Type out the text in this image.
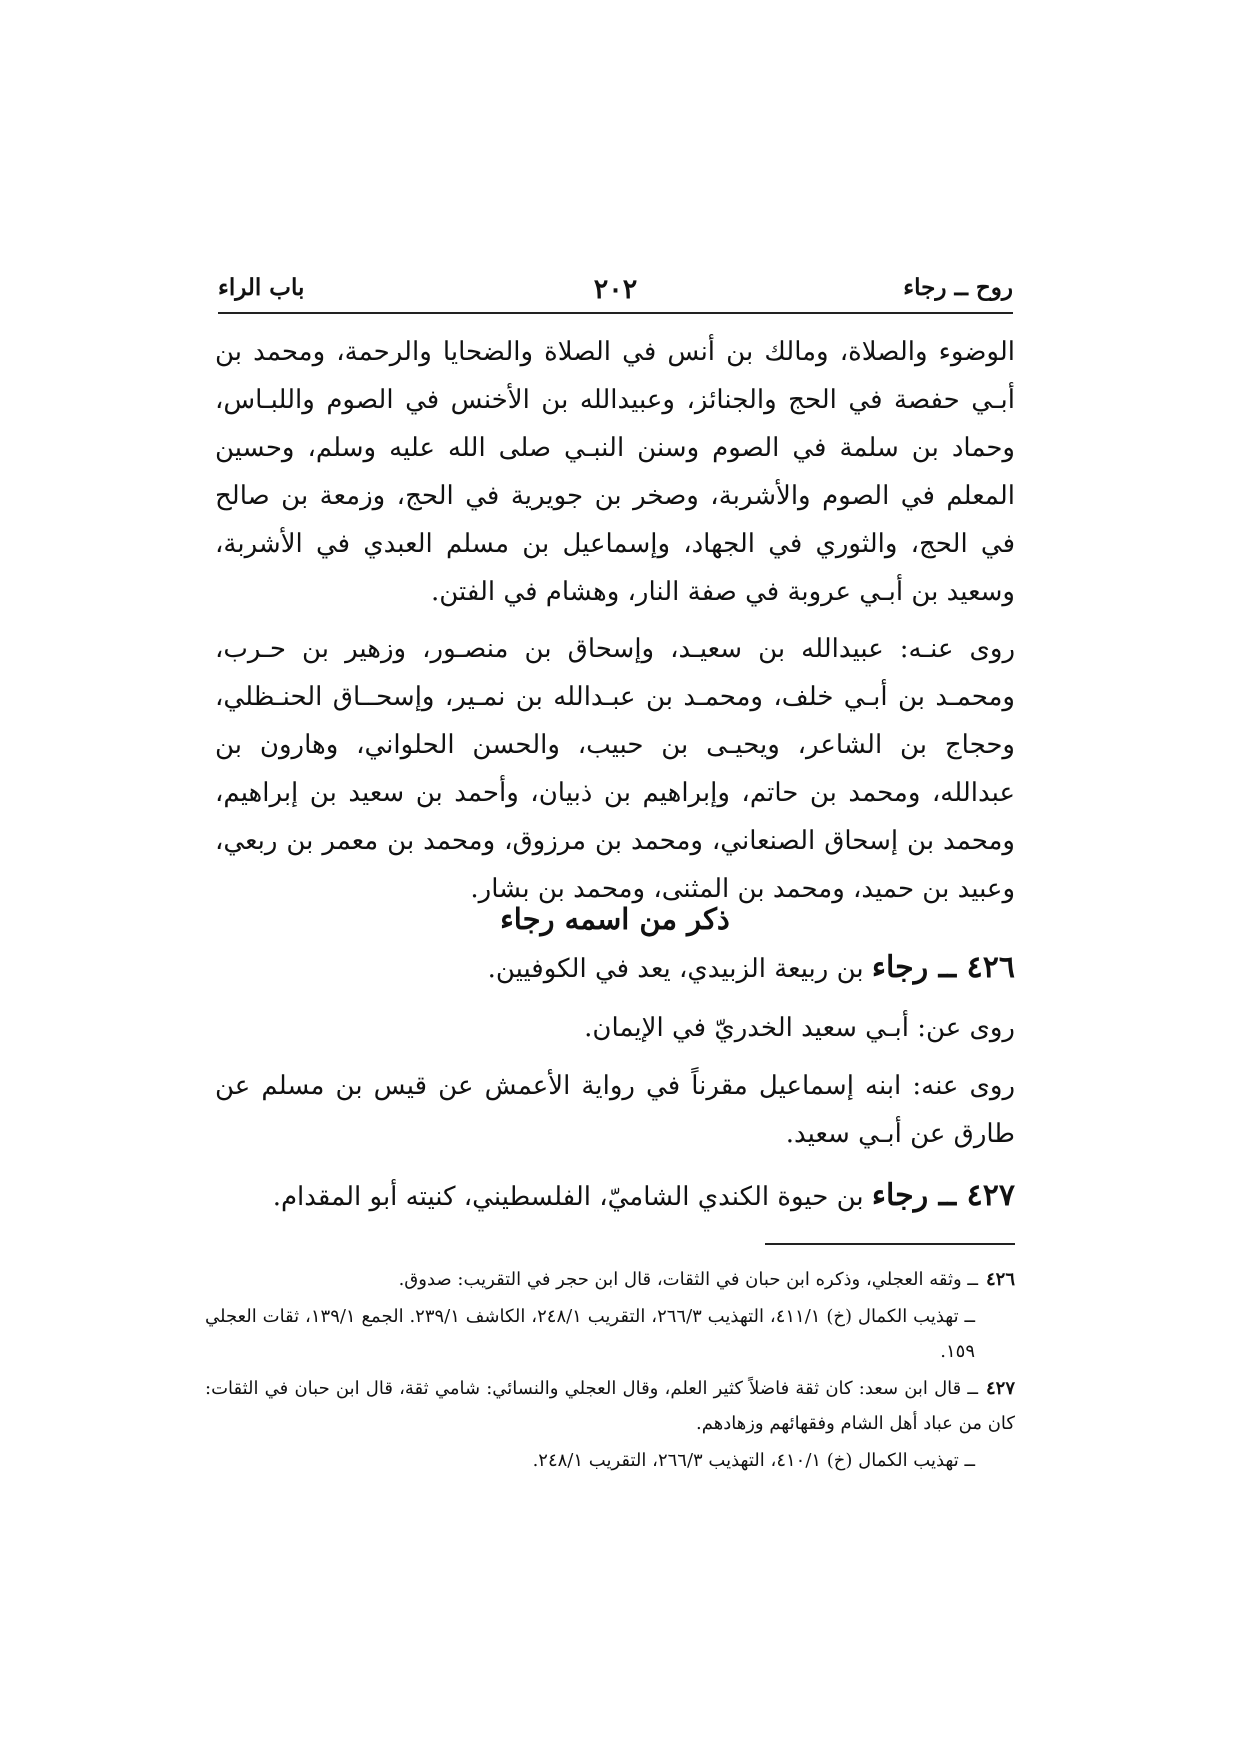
روح ــ رجاء
٢٠٢
باب الراء

الوضوء والصلاة، ومالك بن أنس في الصلاة والضحايا والرحمة، ومحمد بن أبـي حفصة في الحج والجنائز، وعبيدالله بن الأخنس في الصوم واللبـاس، وحماد بن سلمة في الصوم وسنن النبـي صلى الله عليه وسلم، وحسين المعلم في الصوم والأشربة، وصخر بن جويرية في الحج، وزمعة بن صالح في الحج، والثوري في الجهاد، وإسماعيل بن مسلم العبدي في الأشربة، وسعيد بن أبـي عروبة في صفة النار، وهشام في الفتن.

روى عنـه: عبيدالله بن سعيـد، وإسحاق بن منصـور، وزهير بن حـرب، ومحمـد بن أبـي خلف، ومحمـد بن عبـدالله بن نمـير، وإسحــاق الحنـظلي، وحجاج بن الشاعر، ويحيـى بن حبيب، والحسن الحلواني، وهارون بن عبدالله، ومحمد بن حاتم، وإبراهيم بن ذبيان، وأحمد بن سعيد بن إبراهيم، ومحمد بن إسحاق الصنعاني، ومحمد بن مرزوق، ومحمد بن معمر بن ربعي، وعبيد بن حميد، ومحمد بن المثنى، ومحمد بن بشار.

ذكر من اسمه رجاء

٤٢٦ ــ رجاء بن ربيعة الزبيدي، يعد في الكوفيين.

روى عن: أبـي سعيد الخدريّ في الإيمان.

روى عنه: ابنه إسماعيل مقرناً في رواية الأعمش عن قيس بن مسلم عن طارق عن أبـي سعيد.

٤٢٧ ــ رجاء بن حيوة الكندي الشاميّ، الفلسطيني، كنيته أبو المقدام.

٤٢٦ــ وثقه العجلي، وذكره ابن حبان في الثقات، قال ابن حجر في التقريب: صدوق.

ــ تهذيب الكمال (خ) ٤١١/١، التهذيب ٢٦٦/٣، التقريب ٢٤٨/١، الكاشف ٢٣٩/١. الجمع ١٣٩/١، ثقات العجلي ١٥٩.

٤٢٧ــ قال ابن سعد: كان ثقة فاضلاً كثير العلم، وقال العجلي والنسائي: شامي ثقة، قال ابن حبان في الثقات: كان من عباد أهل الشام وفقهائهم وزهادهم.

ــ تهذيب الكمال (خ) ٤١٠/١، التهذيب ٢٦٦/٣، التقريب ٢٤٨/١.
